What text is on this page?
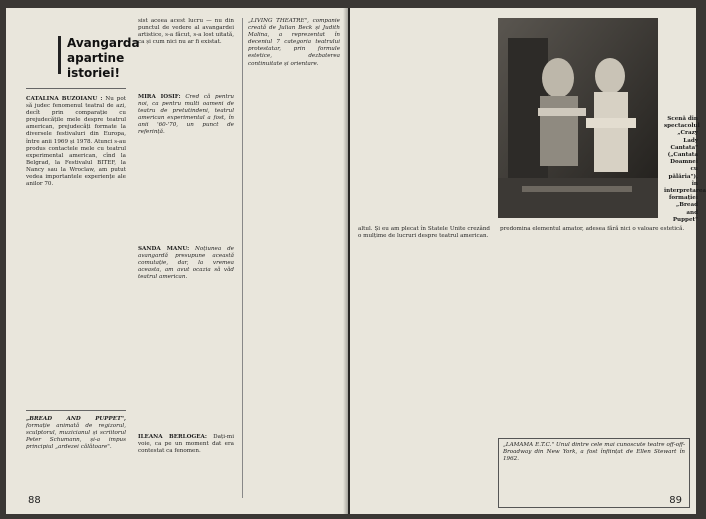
Avangarda
apartine istoriei!

CATALINA BUZOIANU : Nu pot să judec fenomenul teatral de azi, decît prin comparație cu prejudecățile mele despre teatrul american, prejudecăți formate la diversele festivaluri din Europa, între anii 1969 și 1978. Atunci s-au produs contactele mele cu teatrul experimental american, cînd la Belgrad, la Festivalul BITEF, la Nancy sau la Wroclaw, am putut vedea importantele experiențe ale anilor 70.

„BREAD AND PUPPET", formație animată de regizorul, sculptorul, muzicianul și scriitorul Peter Schumann, și-a impus principiul „ardezei călătoare".

sist aceea acest lucru — nu din punctul de vedere al avangardei artistice, s-a făcut, s-a lost uitată, ca și cum nici nu ar fi existat.

MIRA IOSIF: Cred că pentru noi, ca pentru multi oameni de teatru de pretutindeni, teatrul american experimental a fost, în anii '60-'70, un punct de referință.

SANDA MANU: Noțiunea de avangardă presupune această comutație, dar, la vremea aceasta, am avut ocazia să văd teatrul american.

ILEANA BERLOGEA: Dați-mi voie, ca pe un moment dat era contestat ca fenomen.

„LIVING THEATRE", companie creată de Julian Beck și Judith Malina, a reprezentat în deceniul 7 categoria teatrului protestatar, prin formule estetice, dezbaterea continuitate și orientare.

88
Scenă din spectacolul „Crazy Lady Cantata" („Cantata Doamnei cu pălăria"), în interpretarea formației „Bread and Puppet"

altul. Și eu am plecat în Statele Unite crezând o mulțime de lucruri despre teatrul american.

predomina elementul amator, adesea fără nici o valoare estetică.

„LAMAMA E.T.C." Unul dintre cele mai cunoscute teatre off-off-Broadway din New York, a fost înființat de Ellen Stewart în 1962.
89
